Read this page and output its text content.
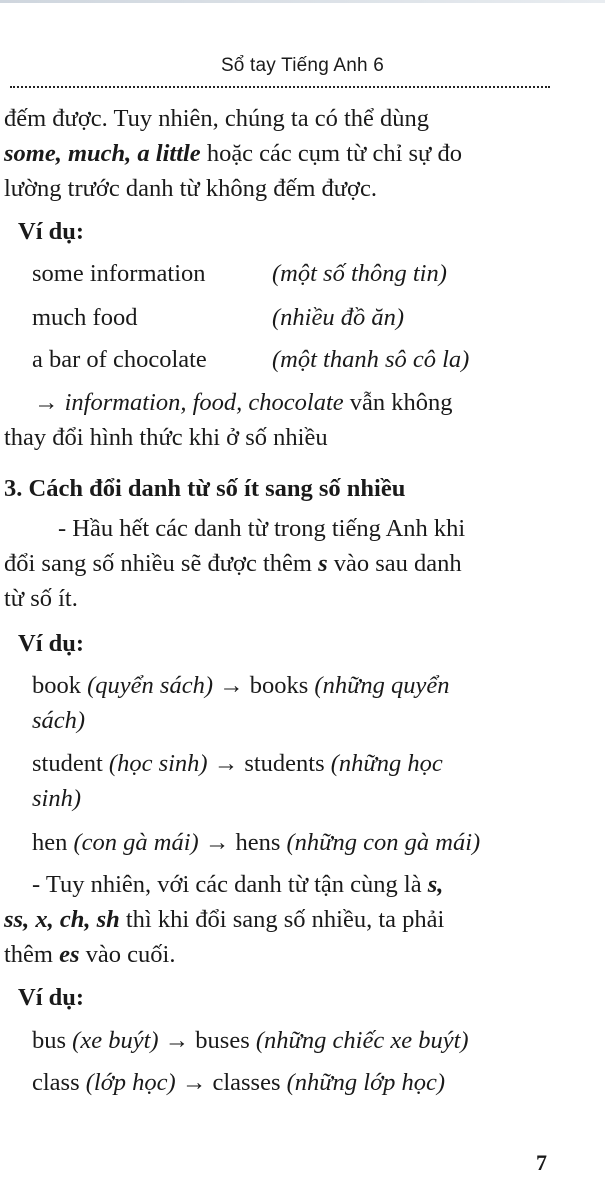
Sổ tay Tiếng Anh 6
đếm được. Tuy nhiên, chúng ta có thể dùng
some, much, a little hoặc các cụm từ chỉ sự đo
lường trước danh từ không đếm được.
Ví dụ:
some information	(một số thông tin)
much food	(nhiều đồ ăn)
a bar of chocolate	(một thanh sô cô la)
→ information, food, chocolate vẫn không
thay đổi hình thức khi ở số nhiều
3. Cách đổi danh từ số ít sang số nhiều
- Hầu hết các danh từ trong tiếng Anh khi
đổi sang số nhiều sẽ được thêm s vào sau danh
từ số ít.
Ví dụ:
book (quyển sách) → books (những quyển
sách)
student (học sinh) → students (những học
sinh)
hen (con gà mái) → hens (những con gà mái)
- Tuy nhiên, với các danh từ tận cùng là s,
ss, x, ch, sh thì khi đổi sang số nhiều, ta phải
thêm es vào cuối.
Ví dụ:
bus (xe buýt) → buses (những chiếc xe buýt)
class (lớp học) → classes (những lớp học)
7
